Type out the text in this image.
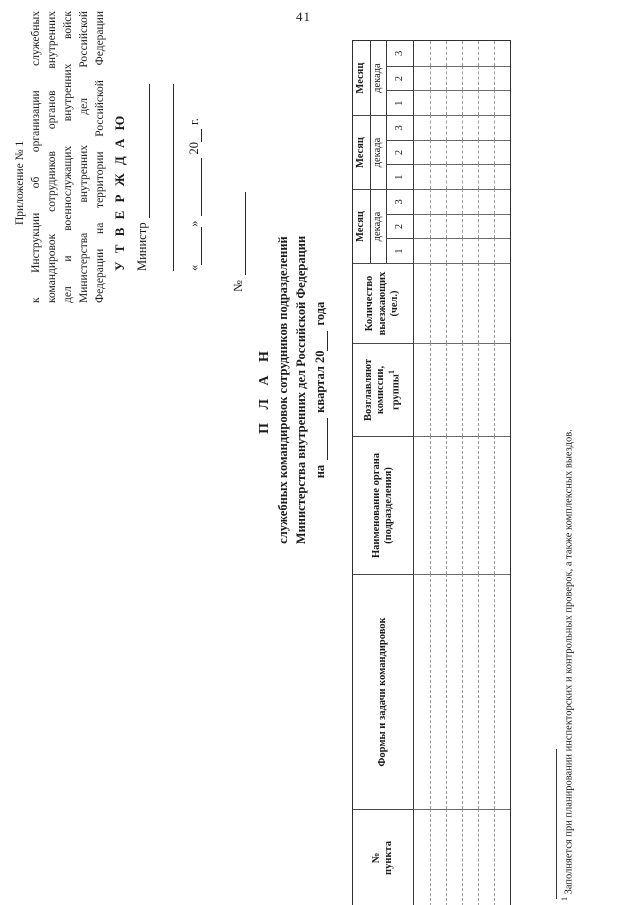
41
Приложение № 1 к Инструкции об организации служебных командировок сотрудников органов внутренних дел и военнослужащих внутренних войск Министерства внутренних дел Российской Федерации на территории Российской Федерации У Т В Е Р Ж Д А Ю Министр	«
»
20
г.
№
П Л А Н служебных командировок сотрудников подразделений Министерства внутренних дел Российской Федерации на
квартал 20
года
№
пункта
Формы и задачи командировок
Наименование органа (подразделения)
Возглавляют комиссии, группы$^1$
Количество выезжающих (чел.)
Месяц
Месяц
Месяц
декада
декада
декада
1
2
3
1
2
3
1
2
3
$^1$ Заполняется при планировании инспекторских и контрольных проверок, а также комплексных выездов.
